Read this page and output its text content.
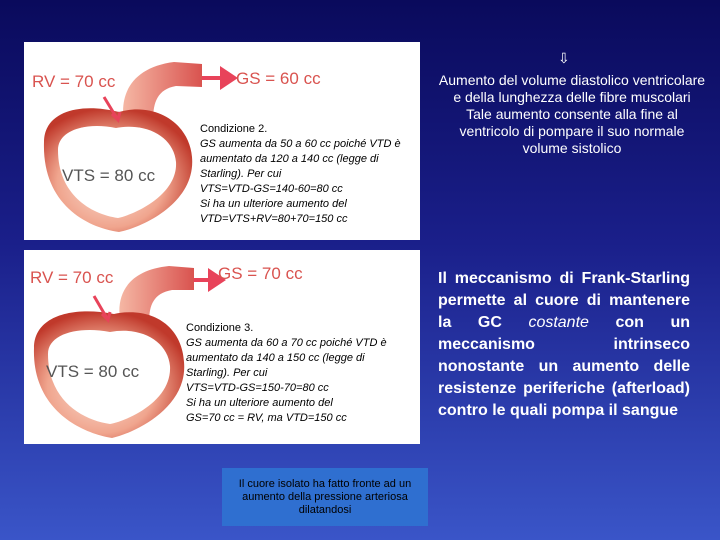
RV = 70 cc	GS = 60 cc
VTS = 80 cc
Condizione 2.
GS aumenta da 50 a 60 cc poiché VTD è aumentato da 120 a 140 cc (legge di Starling). Per cui
VTS=VTD-GS=140-60=80 cc
Si ha un ulteriore aumento del
VTD=VTS+RV=80+70=150 cc
RV = 70 cc	GS = 70 cc
VTS = 80 cc
Condizione 3.
GS aumenta da 60 a 70 cc poiché VTD è aumentato da 140 a 150 cc (legge di Starling). Per cui
VTS=VTD-GS=150-70=80 cc
Si ha un ulteriore aumento del
GS=70 cc = RV, ma VTD=150 cc
Il cuore isolato ha fatto fronte ad un aumento della pressione arteriosa dilatandosi
⇩
Aumento del volume diastolico ventricolare e della lunghezza delle fibre muscolari
Tale aumento consente alla fine al ventricolo di pompare il suo normale volume sistolico
Il meccanismo di Frank-Starling permette al cuore di mantenere la GC costante con un meccanismo intrinseco nonostante un aumento delle resistenze periferiche (afterload) contro le quali pompa il sangue
